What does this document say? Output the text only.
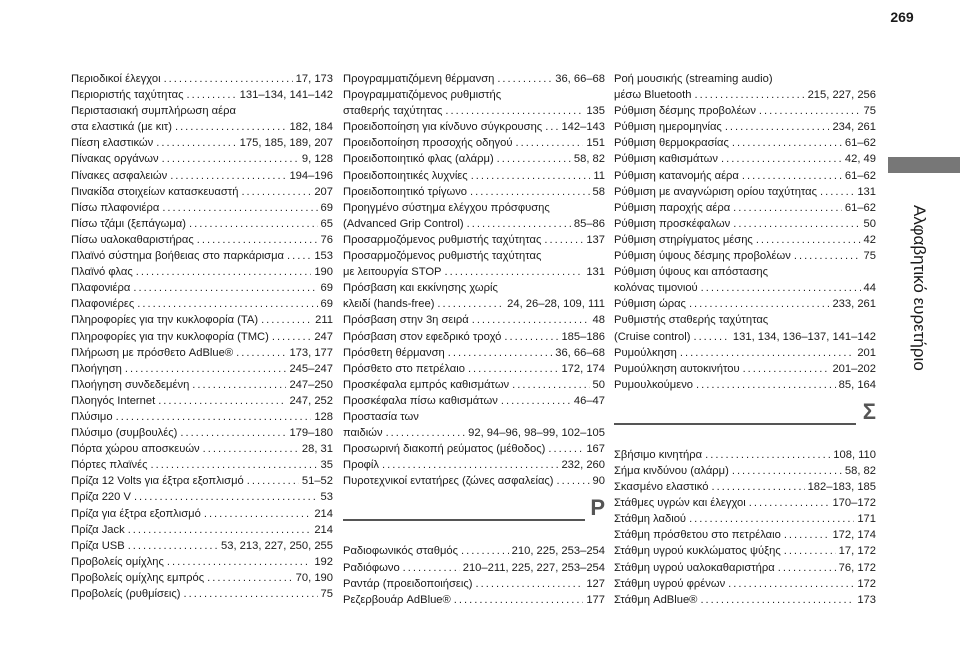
269
Αλφαβητικό ευρετήριο
Περιοδικοί έλεγχοι .....	17, 173
Περιοριστής ταχύτητας .....	131–134, 141–142
Περιστασιακή συμπλήρωση αέρα
στα ελαστικά (με κιτ) .....	182, 184
Πίεση ελαστικών .....	175, 185, 189, 207
Πίνακας οργάνων .....	9, 128
Πίνακες ασφαλειών .....	194–196
Πινακίδα στοιχείων κατασκευαστή .....	207
Πίσω πλαφονιέρα .....	69
Πίσω τζάμι (ξεπάγωμα) .....	65
Πίσω υαλοκαθαριστήρας .....	76
Πλαϊνό σύστημα βοήθειας στο παρκάρισμα .....	153
Πλαϊνό φλας .....	190
Πλαφονιέρα .....	69
Πλαφονιέρες .....	69
Πληροφορίες για την κυκλοφορία (TA) .....	211
Πληροφορίες για την κυκλοφορία (TMC) .....	247
Πλήρωση με πρόσθετο AdBlue® .....	173, 177
Πλοήγηση .....	245–247
Πλοήγηση συνδεδεμένη .....	247–250
Πλοηγός Internet .....	247, 252
Πλύσιμο .....	128
Πλύσιμο (συμβουλές) .....	179–180
Πόρτα χώρου αποσκευών .....	28, 31
Πόρτες πλαϊνές .....	35
Πρίζα 12 Volts για έξτρα εξοπλισμό .....	51–52
Πρίζα 220 V .....	53
Πρίζα για έξτρα εξοπλισμό .....	214
Πρίζα Jack .....	214
Πρίζα USB .....	53, 213, 227, 250, 255
Προβολείς ομίχλης .....	192
Προβολείς ομίχλης εμπρός .....	70, 190
Προβολείς (ρυθμίσεις) .....	75
Προγραμματιζόμενη θέρμανση .....	36, 66–68
Προγραμματιζόμενος ρυθμιστής
σταθερής ταχύτητας .....	135
Προειδοποίηση για κίνδυνο σύγκρουσης ..... 142–143
Προειδοποίηση προσοχής οδηγού .....	151
Προειδοποιητικό φλας (αλάρμ) .....	58, 82
Προειδοποιητικές λυχνίες .....	11
Προειδοποιητικό τρίγωνο .....	58
Προηγμένο σύστημα ελέγχου πρόσφυσης
(Advanced Grip Control) .....	85–86
Προσαρμοζόμενος ρυθμιστής ταχύτητας .....	137
Προσαρμοζόμενος ρυθμιστής ταχύτητας
με λειτουργία STOP .....	131
Πρόσβαση και εκκίνησης χωρίς
κλειδί (hands-free) .....	24, 26–28, 109, 111
Πρόσβαση στην 3η σειρά .....	48
Πρόσβαση στον εφεδρικό τροχό .....	185–186
Πρόσθετη θέρμανση .....	36, 66–68
Πρόσθετο στο πετρέλαιο .....	172, 174
Προσκέφαλα εμπρός καθισμάτων .....	50
Προσκέφαλα πίσω καθισμάτων .....	46–47
Προστασία των
παιδιών .....	92, 94–96, 98–99, 102–105
Προσωρινή διακοπή ρεύματος (μέθοδος) .....	167
Προφίλ .....	232, 260
Πυροτεχνικοί εντατήρες (ζώνες ασφαλείας) .....	90
Ρ
Ραδιοφωνικός σταθμός .....	210, 225, 253–254
Ραδιόφωνο .....	210–211, 225, 227, 253–254
Ραντάρ (προειδοποιήσεις) .....	127
Ρεζερβουάρ AdBlue® .....	177
Ροή μουσικής (streaming audio)
μέσω Bluetooth .....	215, 227, 256
Ρύθμιση δέσμης προβολέων .....	75
Ρύθμιση ημερομηνίας .....	234, 261
Ρύθμιση θερμοκρασίας .....	61–62
Ρύθμιση καθισμάτων .....	42, 49
Ρύθμιση κατανομής αέρα .....	61–62
Ρύθμιση με αναγνώριση ορίου ταχύτητας .....	131
Ρύθμιση παροχής αέρα .....	61–62
Ρύθμιση προσκέφαλων .....	50
Ρύθμιση στηρίγματος μέσης .....	42
Ρύθμιση ύψους δέσμης προβολέων .....	75
Ρύθμιση ύψους και απόστασης
κολόνας τιμονιού .....	44
Ρύθμιση ώρας .....	233, 261
Ρυθμιστής σταθερής ταχύτητας
(Cruise control) .....	131, 134, 136–137, 141–142
Ρυμούλκηση .....	201
Ρυμούλκηση αυτοκινήτου .....	201–202
Ρυμουλκούμενο .....	85, 164
Σ
Σβήσιμο κινητήρα .....	108, 110
Σήμα κινδύνου (αλάρμ) .....	58, 82
Σκασμένο ελαστικό .....	182–183, 185
Στάθμες υγρών και έλεγχοι .....	170–172
Στάθμη λαδιού .....	171
Στάθμη πρόσθετου στο πετρέλαιο .....	172, 174
Στάθμη υγρού κυκλώματος ψύξης .....	17, 172
Στάθμη υγρού υαλοκαθαριστήρα .....	76, 172
Στάθμη υγρού φρένων .....	172
Στάθμη AdBlue® .....	173
